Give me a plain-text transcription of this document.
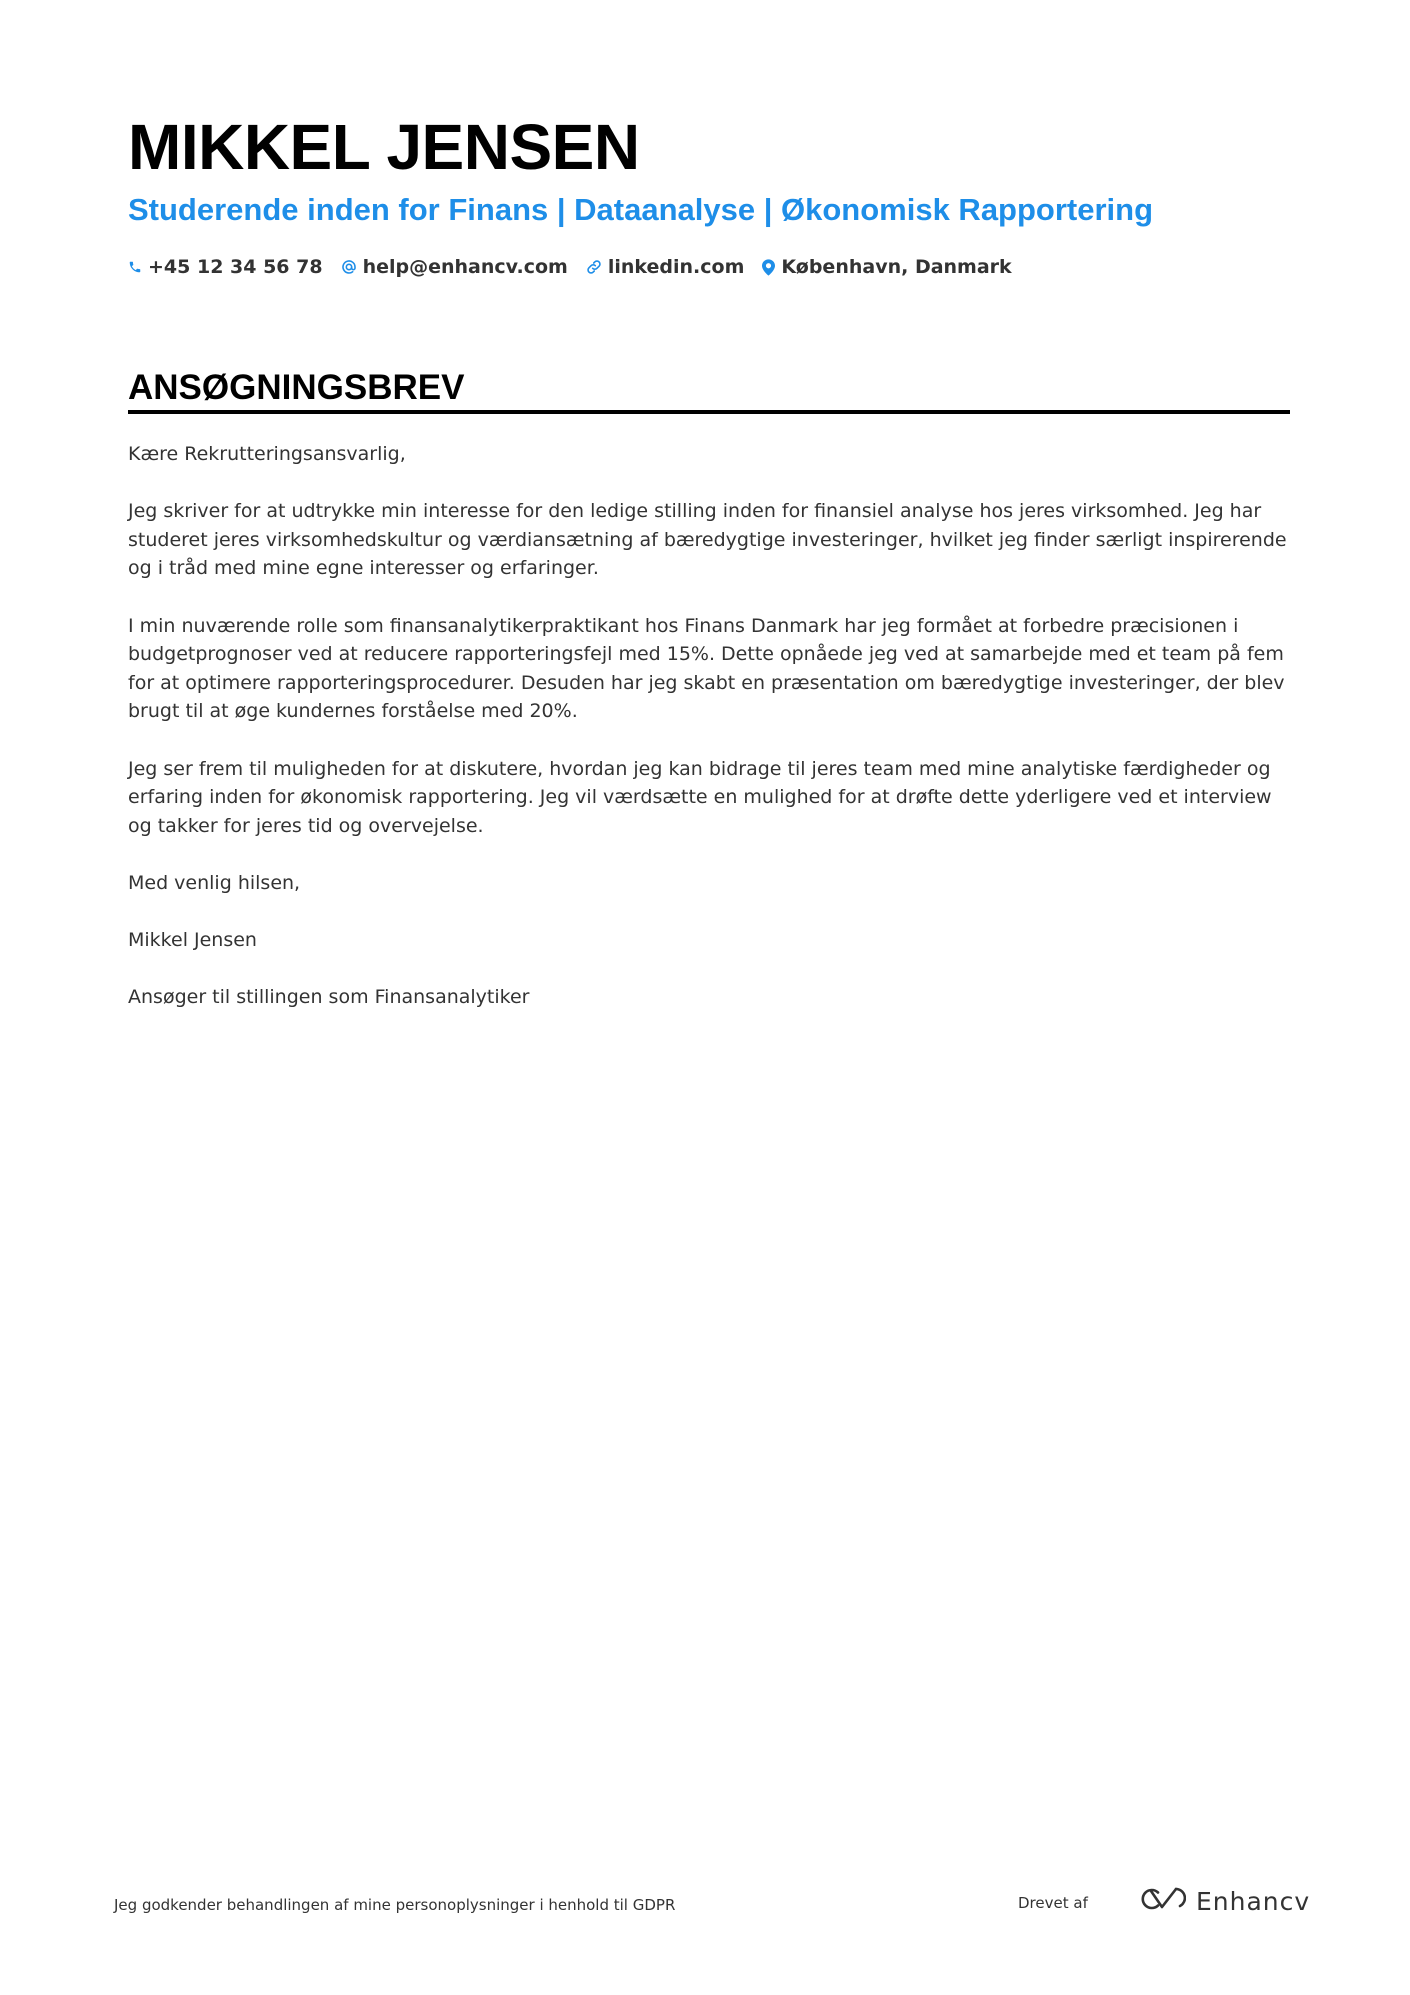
MIKKEL JENSEN
Studerende inden for Finans | Dataanalyse | Økonomisk Rapportering
+45 12 34 56 78 help@enhancv.com linkedin.com København, Danmark
ANSØGNINGSBREV

Kære Rekrutteringsansvarlig,

Jeg skriver for at udtrykke min interesse for den ledige stilling inden for finansiel analyse hos jeres virksomhed. Jeg har studeret jeres virksomhedskultur og værdiansætning af bæredygtige investeringer, hvilket jeg finder særligt inspirerende og i tråd med mine egne interesser og erfaringer.

I min nuværende rolle som finansanalytikerpraktikant hos Finans Danmark har jeg formået at forbedre præcisionen i budgetprognoser ved at reducere rapporteringsfejl med 15%. Dette opnåede jeg ved at samarbejde med et team på fem for at optimere rapporteringsprocedurer. Desuden har jeg skabt en præsentation om bæredygtige investeringer, der blev brugt til at øge kundernes forståelse med 20%.

Jeg ser frem til muligheden for at diskutere, hvordan jeg kan bidrage til jeres team med mine analytiske færdigheder og erfaring inden for økonomisk rapportering. Jeg vil værdsætte en mulighed for at drøfte dette yderligere ved et interview og takker for jeres tid og overvejelse.

Med venlig hilsen,

Mikkel Jensen

Ansøger til stillingen som Finansanalytiker

Jeg godkender behandlingen af mine personoplysninger i henhold til GDPR	Drevet af	Enhancv
